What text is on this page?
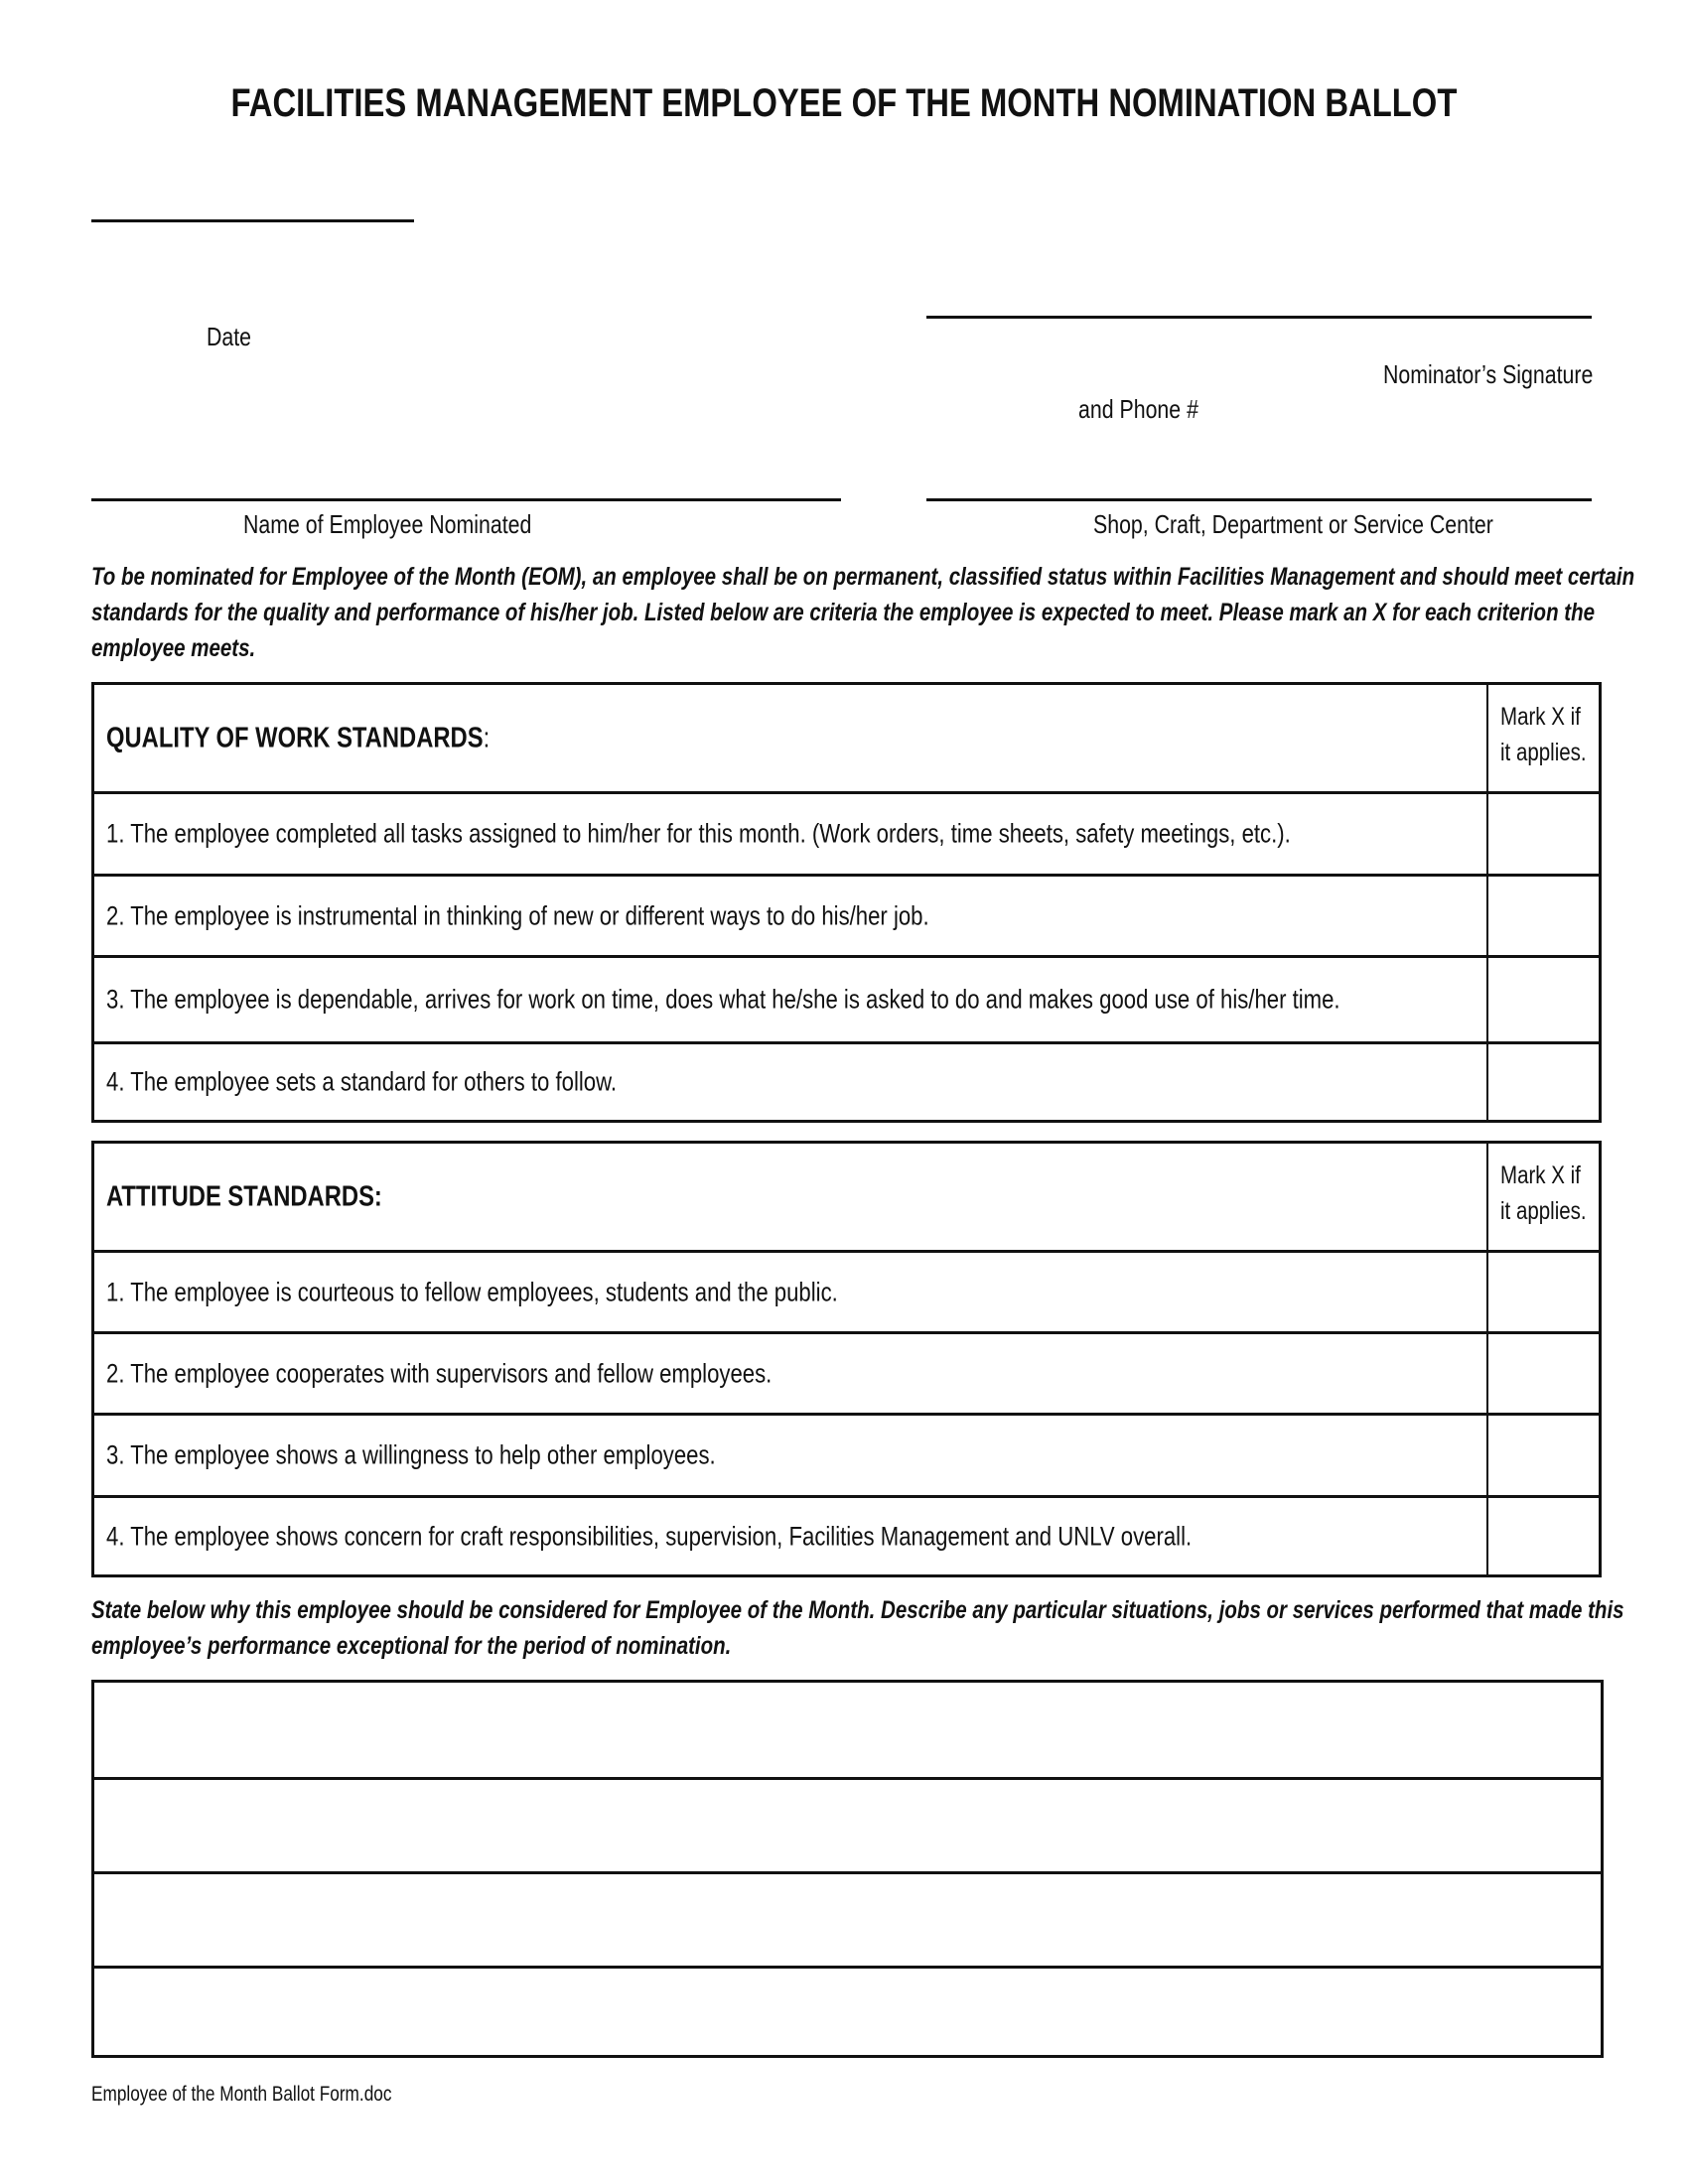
FACILITIES MANAGEMENT EMPLOYEE OF THE MONTH NOMINATION BALLOT
Date
Nominator’s Signature
and Phone #
Name of Employee Nominated	Shop, Craft, Department or Service Center
To be nominated for Employee of the Month (EOM), an employee shall be on permanent, classified status within Facilities Management and should meet certain
standards for the quality and performance of his/her job. Listed below are criteria the employee is expected to meet. Please mark an X for each criterion the
employee meets.
QUALITY OF WORK STANDARDS:
Mark X if
it applies.
1. The employee completed all tasks assigned to him/her for this month. (Work orders, time sheets, safety meetings, etc.).
2. The employee is instrumental in thinking of new or different ways to do his/her job.
3. The employee is dependable, arrives for work on time, does what he/she is asked to do and makes good use of his/her time.
4. The employee sets a standard for others to follow.
ATTITUDE STANDARDS:
Mark X if
it applies.
1. The employee is courteous to fellow employees, students and the public.
2. The employee cooperates with supervisors and fellow employees.
3. The employee shows a willingness to help other employees.
4. The employee shows concern for craft responsibilities, supervision, Facilities Management and UNLV overall.
State below why this employee should be considered for Employee of the Month. Describe any particular situations, jobs or services performed that made this
employee’s performance exceptional for the period of nomination.
Employee of the Month Ballot Form.doc
